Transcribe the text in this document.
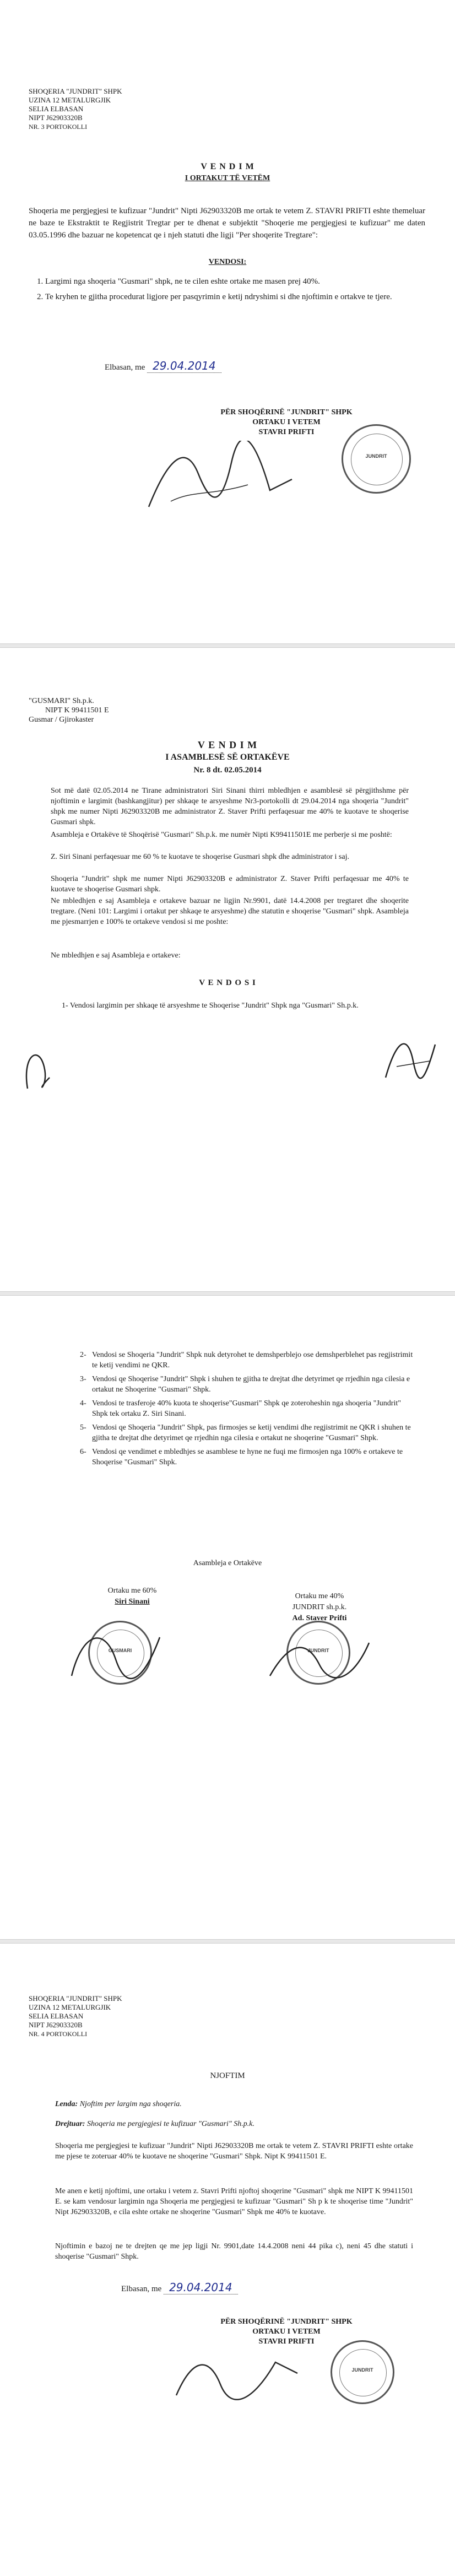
SHOQERIA "JUNDRIT" SHPK
UZINA 12 METALURGJIK
SELIA ELBASAN
NIPT J62903320B
NR. 3 PORTOKOLLI
V E N D I M
I ORTAKUT TË VETËM
Shoqeria me pergjegjesi te kufizuar "Jundrit" Nipti J62903320B me ortak te vetem Z. STAVRI PRIFTI eshte themeluar ne baze te Ekstraktit te Regjistrit Tregtar per te dhenat e subjektit "Shoqerie me pergjegjesi te kufizuar" me daten 03.05.1996 dhe bazuar ne kopetencat qe i njeh statuti dhe ligji "Per shoqerite Tregtare":
VENDOSI:
1. Largimi nga shoqeria "Gusmari" shpk, ne te cilen eshte ortake me masen prej 40%.
2. Te kryhen te gjitha procedurat ligjore per pasqyrimin e ketij ndryshimi si dhe njoftimin e ortakve te tjere.
Elbasan, me 29.04.2014
PËR SHOQËRINË "JUNDRIT" SHPK
ORTAKU I VETEM
STAVRI PRIFTI
JUNDRIT
"GUSMARI" Sh.p.k.
NIPT K 99411501 E
Gusmar / Gjirokaster
V E N D I M
I ASAMBLESË SË ORTAKËVE
Nr. 8 dt. 02.05.2014
Sot më datë 02.05.2014 ne Tirane administratori Siri Sinani thirri mbledhjen e asamblesë së përgjithshme për njoftimin e largimit (bashkangjitur) per shkaqe te arsyeshme Nr3-portokolli dt 29.04.2014 nga shoqeria "Jundrit" shpk me numer Nipti J62903320B me administrator Z. Staver Prifti perfaqesuar me 40% te kuotave te shoqerise Gusmari shpk.
Asambleja e Ortakëve të Shoqërisë "Gusmari" Sh.p.k. me numër Nipti K99411501E me perberje si me poshtë:
Z. Siri Sinani perfaqesuar me 60 % te kuotave te shoqerise Gusmari shpk dhe administrator i saj.
Shoqeria "Jundrit" shpk me numer Nipti J62903320B e administrator Z. Staver Prifti perfaqesuar me 40% te kuotave te shoqerise Gusmari shpk.
Ne mbledhjen e saj Asambleja e ortakeve bazuar ne ligjin Nr.9901, datë 14.4.2008 per tregtaret dhe shoqerite tregtare. (Neni 101: Largimi i ortakut per shkaqe te arsyeshme) dhe statutin e shoqerise "Gusmari" shpk. Asambleja me pjesmarrjen e 100% te ortakeve vendosi si me poshte:
Ne mbledhjen e saj Asambleja e ortakeve:
V E N D O S I
1- Vendosi largimin per shkaqe të arsyeshme te Shoqerise "Jundrit" Shpk nga "Gusmari" Sh.p.k.
2- Vendosi se Shoqeria "Jundrit" Shpk nuk detyrohet te demshperblejo ose demshperblehet pas regjistrimit te ketij vendimi ne QKR.
3- Vendosi qe Shoqerise "Jundrit" Shpk i shuhen te gjitha te drejtat dhe detyrimet qe rrjedhin nga cilesia e ortakut ne Shoqerine "Gusmari" Shpk.
4- Vendosi te trasferoje 40% kuota te shoqerise"Gusmari" Shpk qe zoteroheshin nga shoqeria "Jundrit" Shpk tek ortaku Z. Siri Sinani.
5- Vendosi qe Shoqeria "Jundrit" Shpk, pas firmosjes se ketij vendimi dhe regjistrimit ne QKR i shuhen te gjitha te drejtat dhe detyrimet qe rrjedhin nga cilesia e ortakut ne shoqerine "Gusmari" Shpk.
6- Vendosi qe vendimet e mbledhjes se asamblese te hyne ne fuqi me firmosjen nga 100% e ortakeve te Shoqerise "Gusmari" Shpk.
Asambleja e Ortakëve
Ortaku me 60%
Siri Sinani
Ortaku me 40%
JUNDRIT sh.p.k.
Ad. Staver Prifti
GUSMARI	JUNDRIT
SHOQERIA "JUNDRIT" SHPK
UZINA 12 METALURGJIK
SELIA ELBASAN
NIPT J62903320B
NR. 4 PORTOKOLLI
NJOFTIM
Lenda: Njoftim per largim nga shoqeria.
Drejtuar: Shoqeria me pergjegjesi te kufizuar "Gusmari" Sh.p.k.
Shoqeria me pergjegjesi te kufizuar "Jundrit" Nipti J62903320B me ortak te vetem Z. STAVRI PRIFTI eshte ortake me pjese te zoteruar 40% te kuotave ne shoqerine "Gusmari" Shpk. Nipt K 99411501 E.
Me anen e ketij njoftimi, une ortaku i vetem z. Stavri Prifti njoftoj shoqerine "Gusmari" shpk me NIPT K 99411501 E. se kam vendosur largimin nga Shoqeria me pergjegjesi te kufizuar "Gusmari" Sh p k te shoqerise time "Jundrit" Nipt J62903320B, e cila eshte ortake ne shoqerine "Gusmari" Shpk me 40% te kuotave.
Njoftimin e bazoj ne te drejten qe me jep ligji Nr. 9901,date 14.4.2008 neni 44 pika c), neni 45 dhe statuti i shoqerise "Gusmari" Shpk.
Elbasan, me 29.04.2014
PËR SHOQËRINË "JUNDRIT" SHPK
ORTAKU I VETEM
STAVRI PRIFTI
JUNDRIT
